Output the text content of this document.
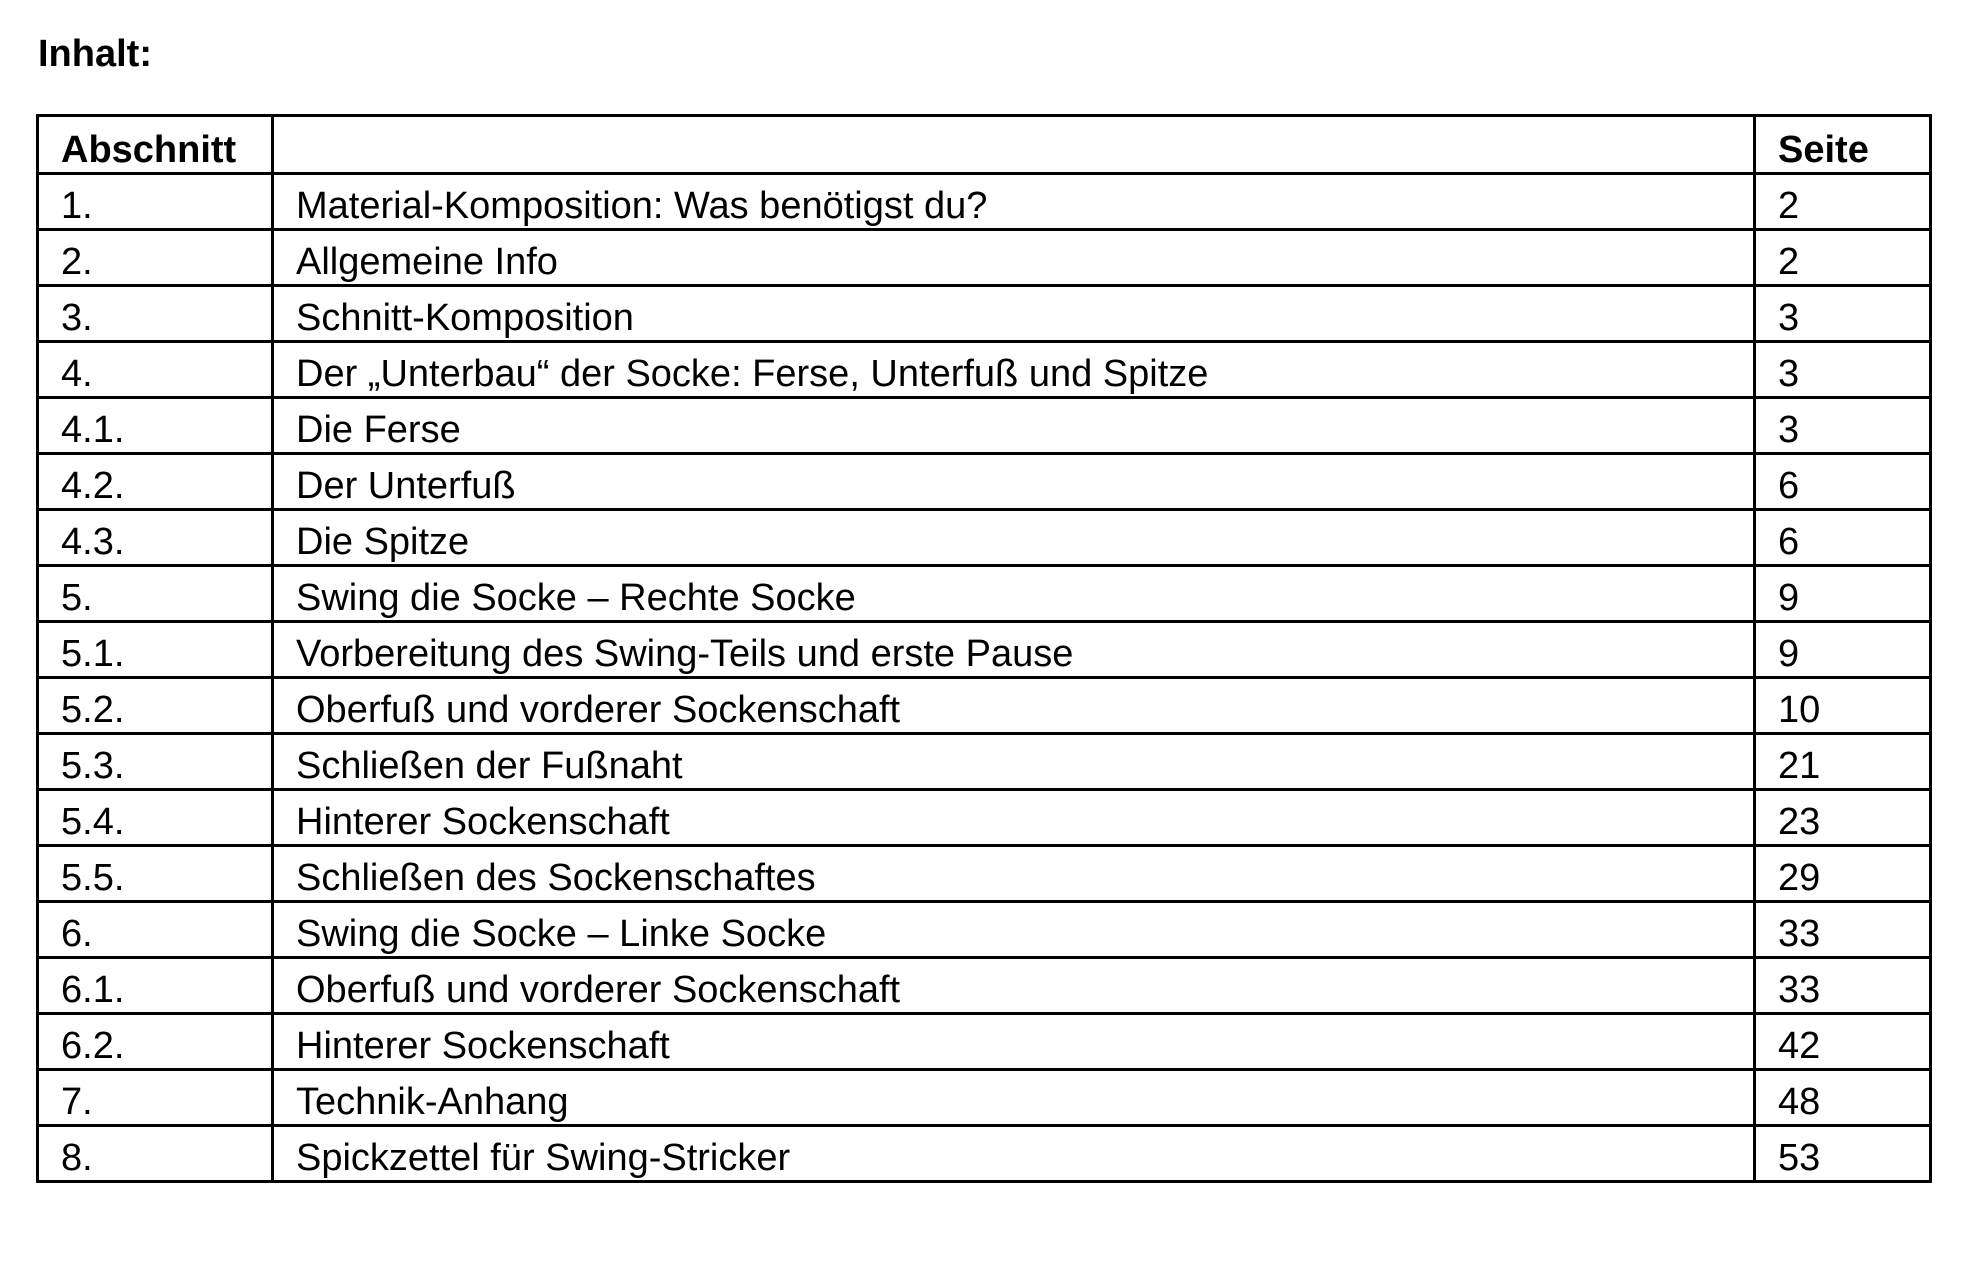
Inhalt:
Abschnitt		Seite
1.	Material-Komposition: Was benötigst du?	2
2.	Allgemeine Info	2
3.	Schnitt-Komposition	3
4.	Der „Unterbau“ der Socke: Ferse, Unterfuß und Spitze	3
4.1.	Die Ferse	3
4.2.	Der Unterfuß	6
4.3.	Die Spitze	6
5.	Swing die Socke – Rechte Socke	9
5.1.	Vorbereitung des Swing-Teils und erste Pause	9
5.2.	Oberfuß und vorderer Sockenschaft	10
5.3.	Schließen der Fußnaht	21
5.4.	Hinterer Sockenschaft	23
5.5.	Schließen des Sockenschaftes	29
6.	Swing die Socke – Linke Socke	33
6.1.	Oberfuß und vorderer Sockenschaft	33
6.2.	Hinterer Sockenschaft	42
7.	Technik-Anhang	48
8.	Spickzettel für Swing-Stricker	53
